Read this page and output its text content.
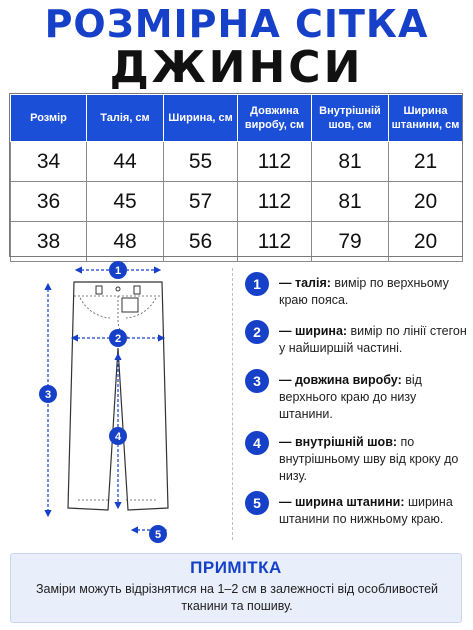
РОЗМІРНА СІТКА
ДЖИНСИ
Розмір	Талія, см	Ширина, см	Довжина виробу, см	Внутрішній шов, см	Ширина штанини, см
34	44	55	112	81	21
36	45	57	112	81	20
38	48	56	112	79	20
1
2
3
4
5
1	— талія: вимір по верхньому краю пояса.
2	— ширина: вимір по лінії стегон у найширшій частині.
3	— довжина виробу: від верхнього краю до низу штанини.
4	— внутрішній шов: по внутрішньому шву від кроку до низу.
5	— ширина штанини: ширина штанини по нижньому краю.
ПРИМІТКА
Заміри можуть відрізнятися на 1–2 см в залежності від особливостей тканини та пошиву.
